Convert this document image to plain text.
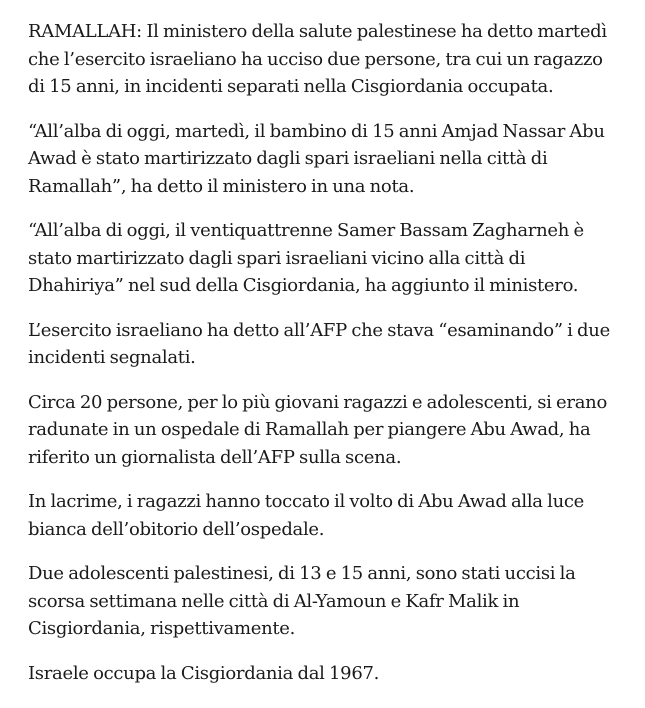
RAMALLAH: Il ministero della salute palestinese ha detto martedì che l’esercito israeliano ha ucciso due persone, tra cui un ragazzo di 15 anni, in incidenti separati nella Cisgiordania occupata.

“All’alba di oggi, martedì, il bambino di 15 anni Amjad Nassar Abu Awad è stato martirizzato dagli spari israeliani nella città di Ramallah”, ha detto il ministero in una nota.

“All’alba di oggi, il ventiquattrenne Samer Bassam Zagharneh è stato martirizzato dagli spari israeliani vicino alla città di Dhahiriya” nel sud della Cisgiordania, ha aggiunto il ministero.

L’esercito israeliano ha detto all’AFP che stava “esaminando” i due incidenti segnalati.

Circa 20 persone, per lo più giovani ragazzi e adolescenti, si erano radunate in un ospedale di Ramallah per piangere Abu Awad, ha riferito un giornalista dell’AFP sulla scena.

In lacrime, i ragazzi hanno toccato il volto di Abu Awad alla luce bianca dell’obitorio dell’ospedale.

Due adolescenti palestinesi, di 13 e 15 anni, sono stati uccisi la scorsa settimana nelle città di Al-Yamoun e Kafr Malik in Cisgiordania, rispettivamente.

Israele occupa la Cisgiordania dal 1967.
